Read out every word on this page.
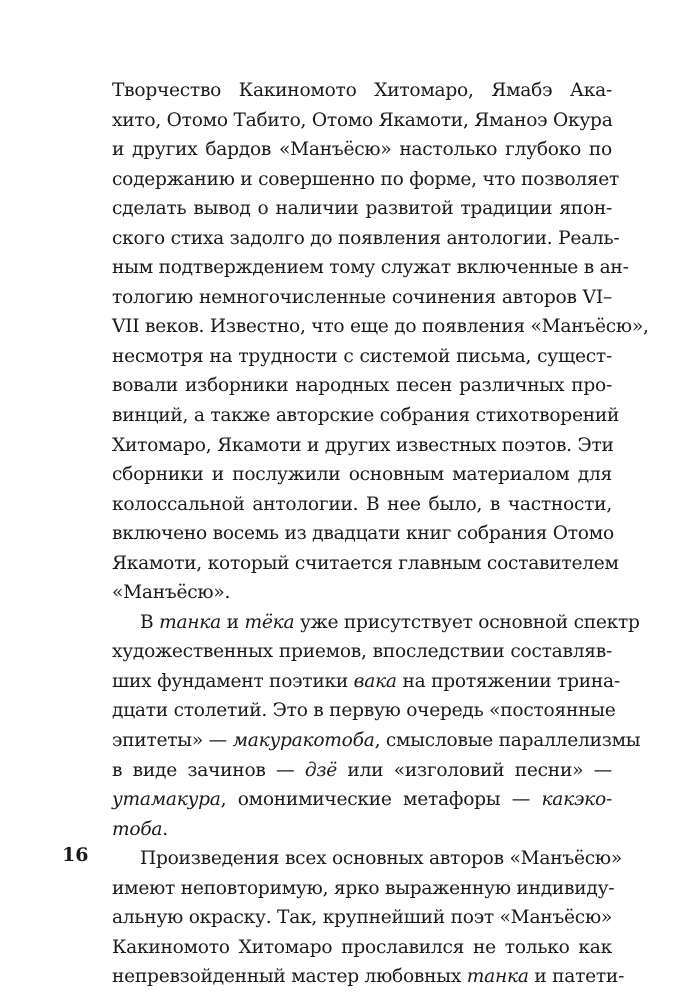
Творчество Какиномото Хитомаро, Ямабэ Ака-
хито, Отомо Табито, Отомо Якамоти, Яманоэ Окура
и других бардов «Манъёсю» настолько глубоко по
содержанию и совершенно по форме, что позволяет
сделать вывод о наличии развитой традиции япон-
ского стиха задолго до появления антологии. Реаль-
ным подтверждением тому служат включенные в ан-
тологию немногочисленные сочинения авторов VI–
VII веков. Известно, что еще до появления «Манъёсю»,
несмотря на трудности с системой письма, сущест-
вовали изборники народных песен различных про-
винций, а также авторские собрания стихотворений
Хитомаро, Якамоти и других известных поэтов. Эти
сборники и послужили основным материалом для
колоссальной антологии. В нее было, в частности,
включено восемь из двадцати книг собрания Отомо
Якамоти, который считается главным составителем
«Манъёсю».
В танка и тёка уже присутствует основной спектр
художественных приемов, впоследствии составляв-
ших фундамент поэтики вака на протяжении трина-
дцати столетий. Это в первую очередь «постоянные
эпитеты» — макуракотоба, смысловые параллелизмы
в виде зачинов — дзё или «изголовий песни» —
утамакура, омонимические метафоры — какэко-
тоба.
Произведения всех основных авторов «Манъёсю»
имеют неповторимую, ярко выраженную индивиду-
альную окраску. Так, крупнейший поэт «Манъёсю»
Какиномото Хитомаро прославился не только как
непревзойденный мастер любовных танка и патети-
16
